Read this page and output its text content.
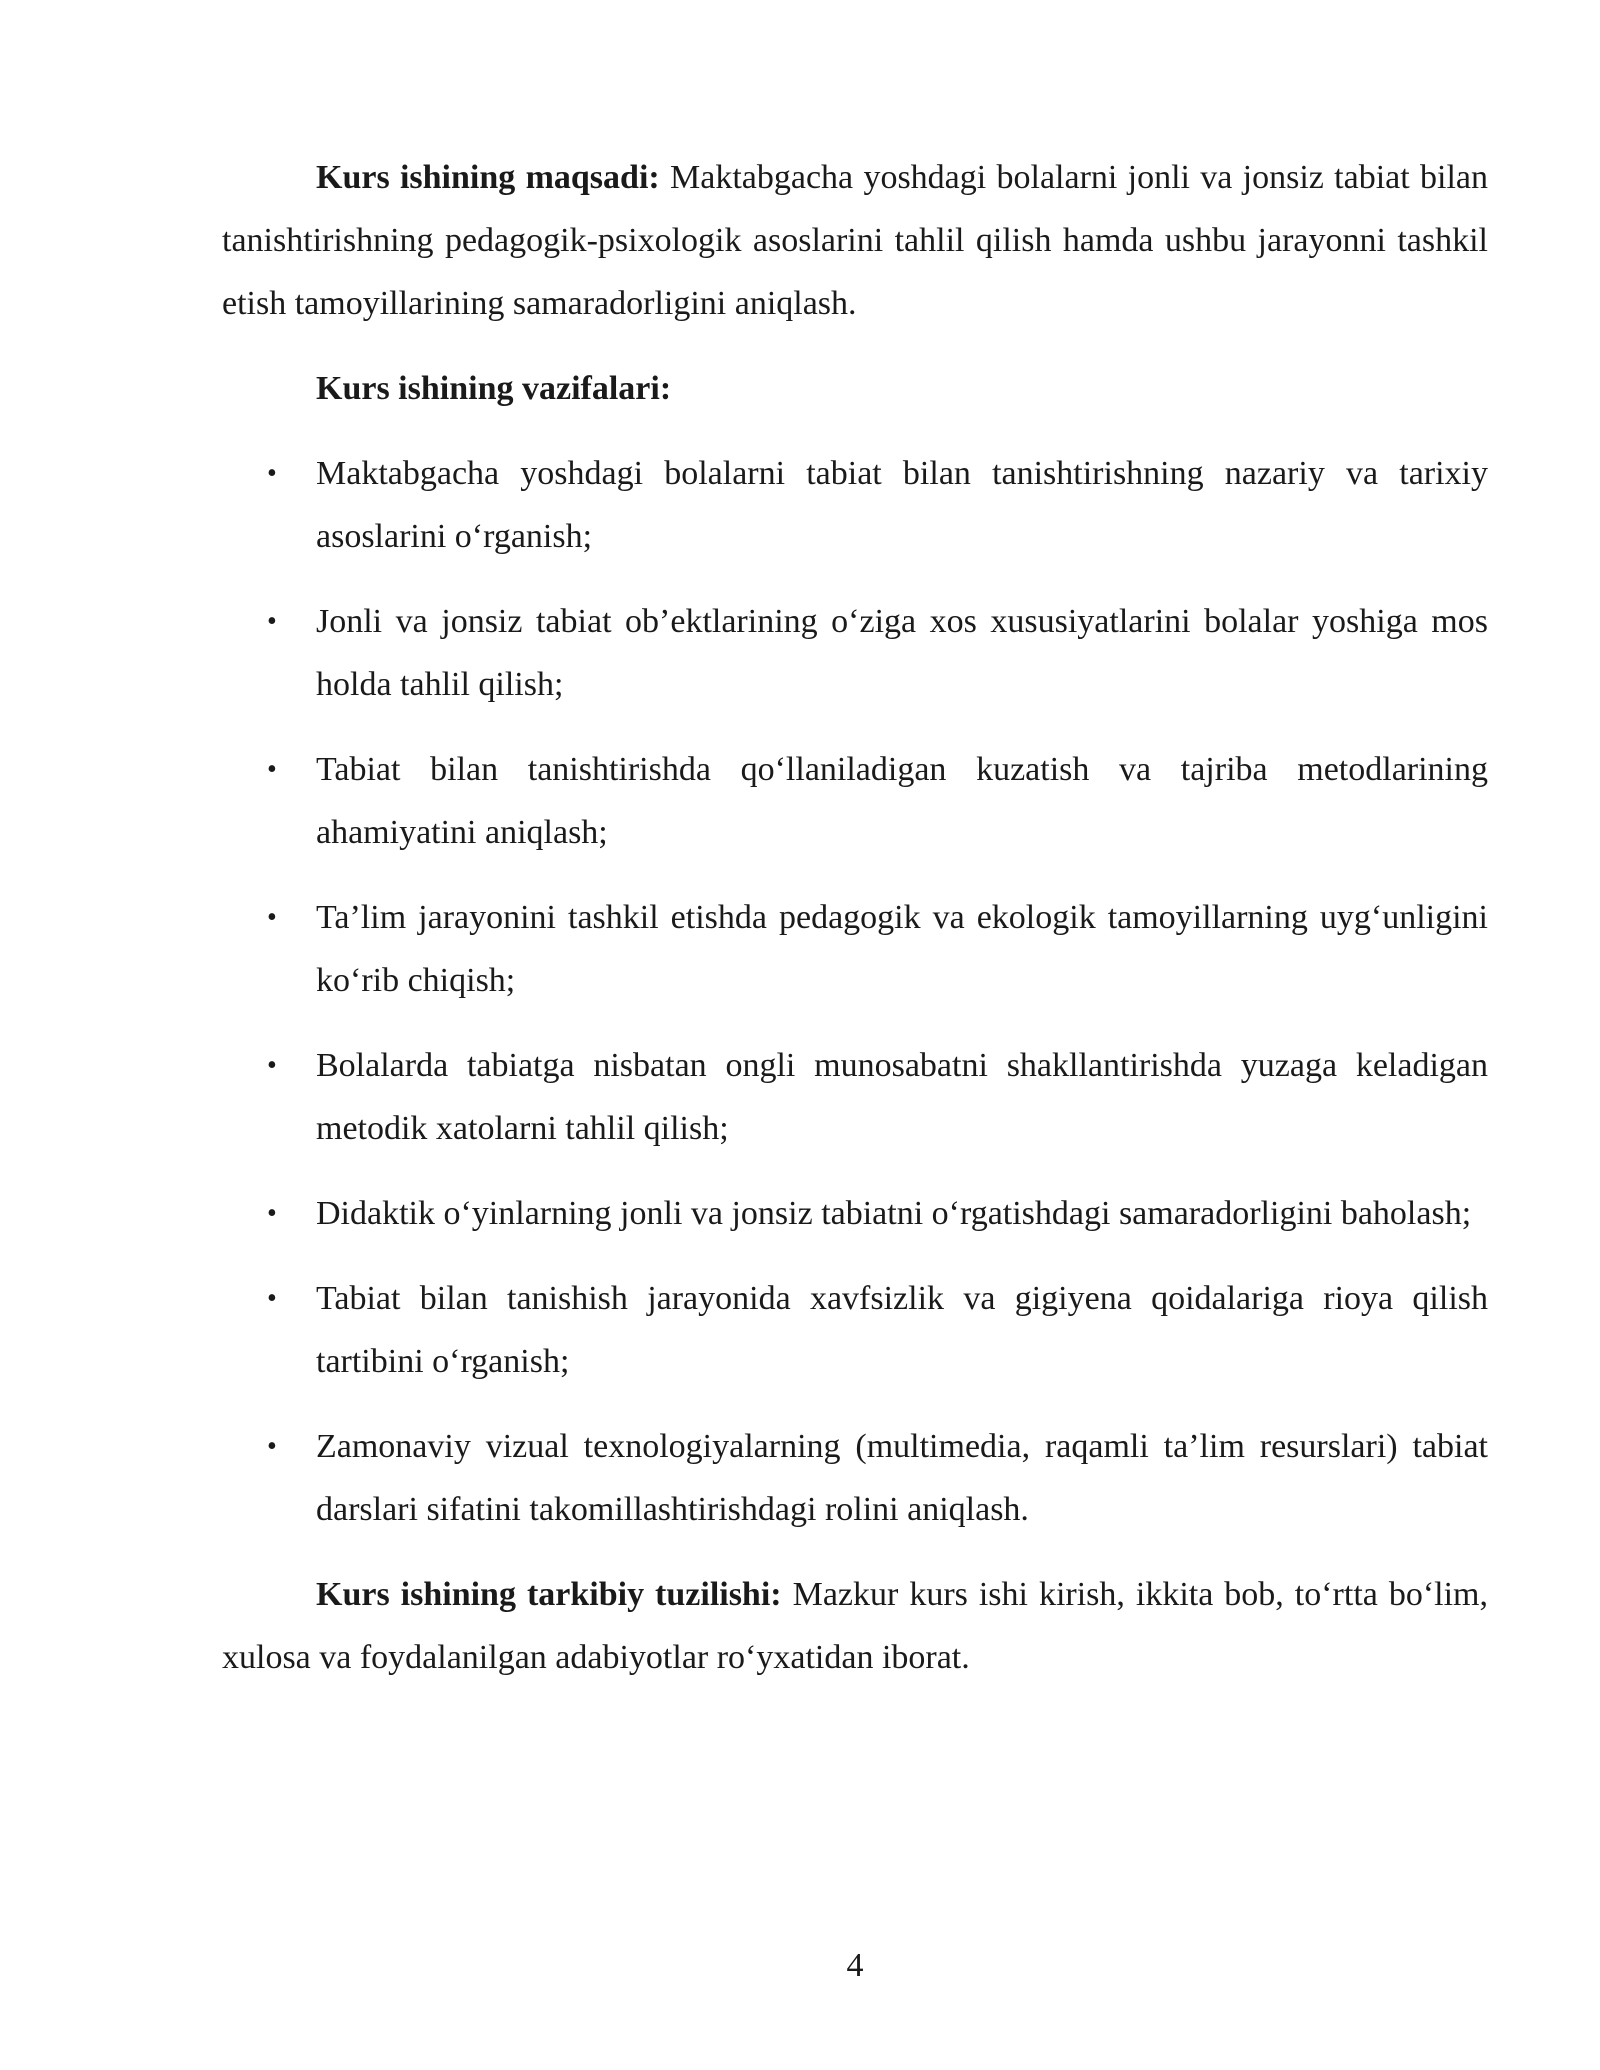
Kurs ishining maqsadi: Maktabgacha yoshdagi bolalarni jonli va jonsiz tabiat bilan tanishtirishning pedagogik-psixologik asoslarini tahlil qilish hamda ushbu jarayonni tashkil etish tamoyillarining samaradorligini aniqlash.

Kurs ishining vazifalari:

• Maktabgacha yoshdagi bolalarni tabiat bilan tanishtirishning nazariy va tarixiy asoslarini o‘rganish;
• Jonli va jonsiz tabiat ob’ektlarining o‘ziga xos xususiyatlarini bolalar yoshiga mos holda tahlil qilish;
• Tabiat bilan tanishtirishda qo‘llaniladigan kuzatish va tajriba metodlarining ahamiyatini aniqlash;
• Ta’lim jarayonini tashkil etishda pedagogik va ekologik tamoyillarning uyg‘unligini ko‘rib chiqish;
• Bolalarda tabiatga nisbatan ongli munosabatni shakllantirishda yuzaga keladigan metodik xatolarni tahlil qilish;
• Didaktik o‘yinlarning jonli va jonsiz tabiatni o‘rgatishdagi samaradorligini baholash;
• Tabiat bilan tanishish jarayonida xavfsizlik va gigiyena qoidalariga rioya qilish tartibini o‘rganish;
• Zamonaviy vizual texnologiyalarning (multimedia, raqamli ta’lim resurslari) tabiat darslari sifatini takomillashtirishdagi rolini aniqlash.

Kurs ishining tarkibiy tuzilishi: Mazkur kurs ishi kirish, ikkita bob, to‘rtta bo‘lim, xulosa va foydalanilgan adabiyotlar ro‘yxatidan iborat.

4
